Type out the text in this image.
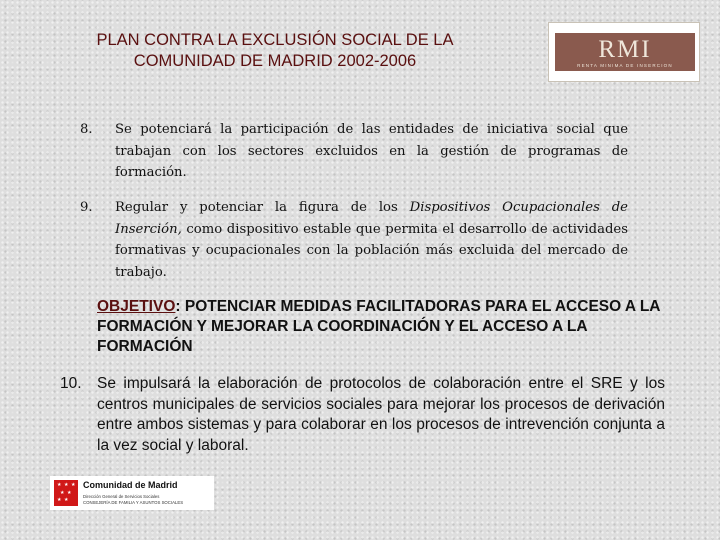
PLAN CONTRA LA EXCLUSIÓN SOCIAL DE LA
COMUNIDAD DE MADRID 2002-2006	RMI
RENTA MINIMA DE INSERCION
8. Se potenciará la participación de las entidades de iniciativa social que trabajan con los sectores excluidos en la gestión de programas de formación.
9. Regular y potenciar la figura de los Dispositivos Ocupacionales de Inserción, como dispositivo estable que permita el desarrollo de actividades formativas y ocupacionales con la población más excluida del mercado de trabajo.
OBJETIVO: POTENCIAR MEDIDAS FACILITADORAS PARA EL ACCESO A LA FORMACIÓN Y MEJORAR LA COORDINACIÓN Y EL ACCESO A LA FORMACIÓN
10. Se impulsará la elaboración de protocolos de colaboración entre el SRE y los centros municipales de servicios sociales para mejorar los procesos de derivación entre ambos sistemas y para colaborar en los procesos de intrevención conjunta a la vez social y laboral.
★ ★ ★
★ ★
★ ★
Comunidad de Madrid
Dirección General de Servicios Sociales
CONSEJERÍA DE FAMILIA Y ASUNTOS SOCIALES
